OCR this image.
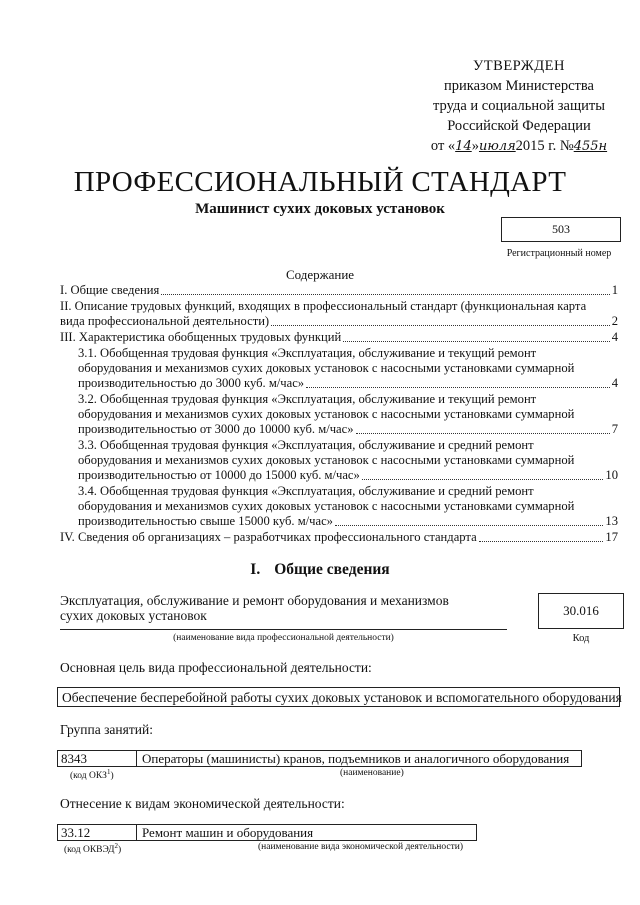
УТВЕРЖДЕН
приказом Министерства
труда и социальной защиты
Российской Федерации
от «14»июля2015 г. №455н
ПРОФЕССИОНАЛЬНЫЙ СТАНДАРТ
Машинист сухих доковых установок
503
Регистрационный номер
Содержание
I. Общие сведения	1
II. Описание трудовых функций, входящих в профессиональный стандарт (функциональная карта
вида профессиональной деятельности)	2
III. Характеристика обобщенных трудовых функций	4
3.1. Обобщенная трудовая функция «Эксплуатация, обслуживание и текущий ремонт
оборудования и механизмов сухих доковых установок с насосными установками суммарной
производительностью до 3000 куб. м/час»	4
3.2. Обобщенная трудовая функция «Эксплуатация, обслуживание и текущий ремонт
оборудования и механизмов сухих доковых установок с насосными установками суммарной
производительностью от 3000 до 10000 куб. м/час»	7
3.3. Обобщенная трудовая функция «Эксплуатация, обслуживание и средний ремонт
оборудования и механизмов сухих доковых установок с насосными установками суммарной
производительностью от 10000 до 15000 куб. м/час»	10
3.4. Обобщенная трудовая функция «Эксплуатация, обслуживание и средний ремонт
оборудования и механизмов сухих доковых установок с насосными установками суммарной
производительностью свыше 15000 куб. м/час»	13
IV. Сведения об организациях – разработчиках профессионального стандарта	17
I. Общие сведения
Эксплуатация, обслуживание и ремонт оборудования и механизмов сухих доковых установок
(наименование вида профессиональной деятельности)
30.016
Код
Основная цель вида профессиональной деятельности:
Обеспечение бесперебойной работы сухих доковых установок и вспомогательного оборудования
Группа занятий:
8343	Операторы (машинисты) кранов, подъемников и аналогичного оборудования
(код ОКЗ$^1$)	(наименование)
Отнесение к видам экономической деятельности:
33.12	Ремонт машин и оборудования
(код ОКВЭД$^2$)	(наименование вида экономической деятельности)
